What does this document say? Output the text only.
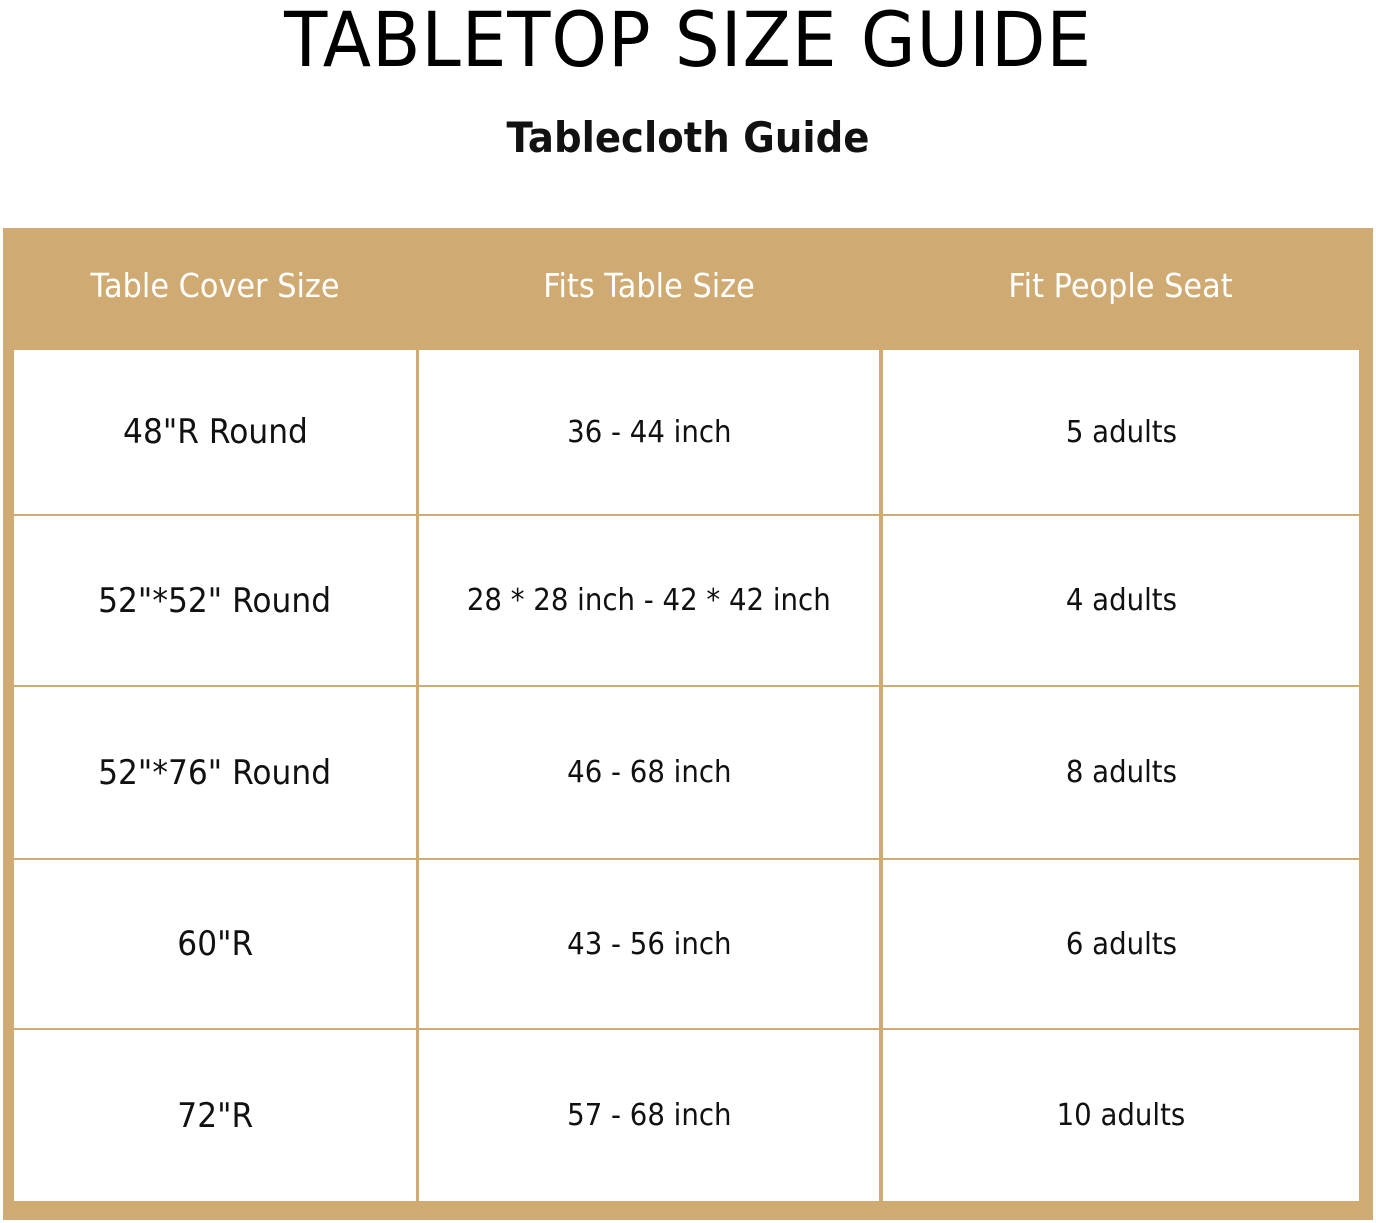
TABLETOP SIZE GUIDE
Tablecloth Guide
Table Cover Size	Fits Table Size	Fit People Seat
48"R Round	36 - 44 inch	5 adults
52"*52" Round	28 * 28 inch - 42 * 42 inch	4 adults
52"*76" Round	46 - 68 inch	8 adults
60"R	43 - 56 inch	6 adults
72"R	57 - 68 inch	10 adults
